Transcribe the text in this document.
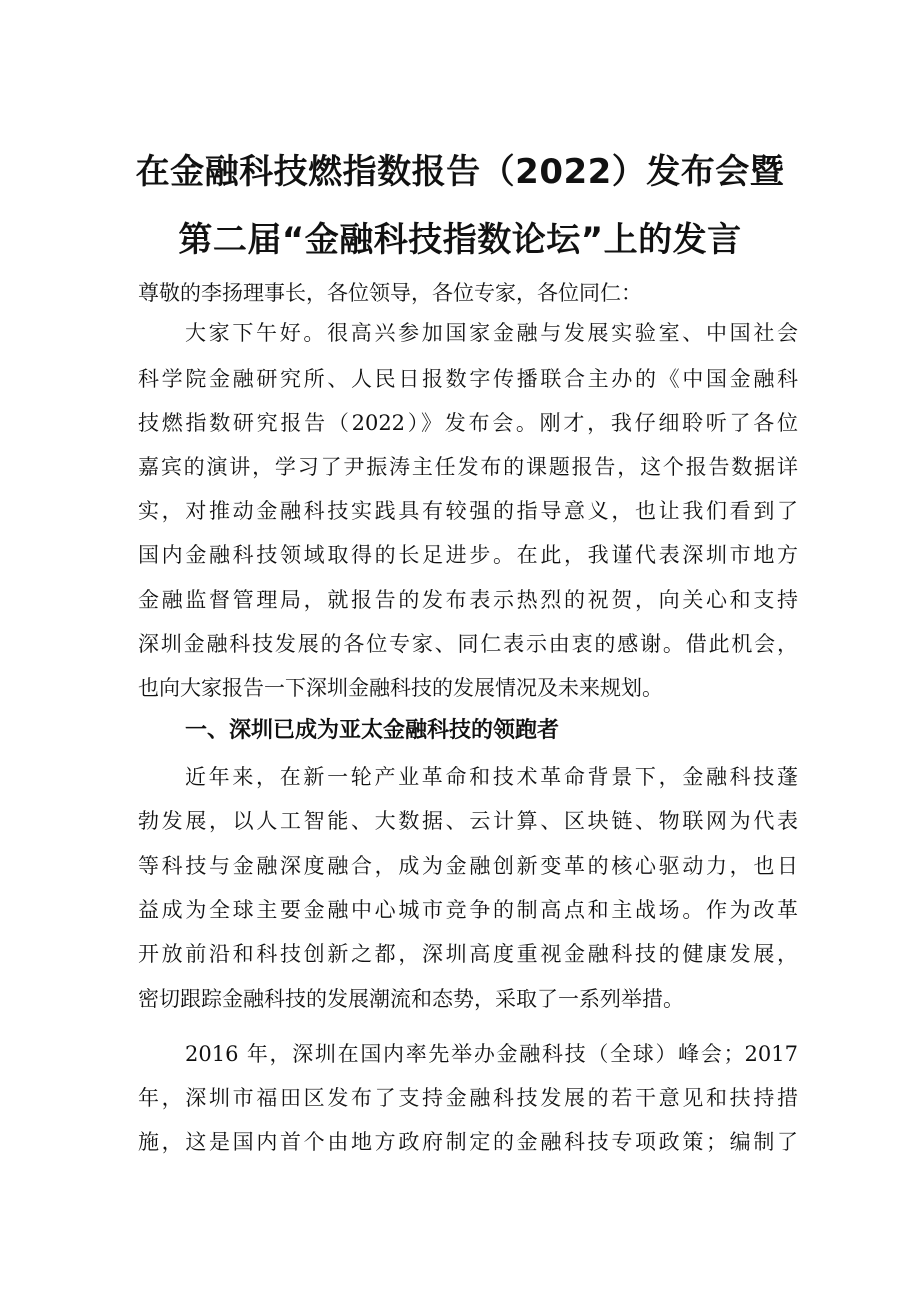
在金融科技燃指数报告（2022）发布会暨
第二届“金融科技指数论坛”上的发言
尊敬的李扬理事长，各位领导，各位专家，各位同仁：
大家下午好。很高兴参加国家金融与发展实验室、中国社会
科学院金融研究所、人民日报数字传播联合主办的《中国金融科
技燃指数研究报告（2022）》发布会。刚才，我仔细聆听了各位
嘉宾的演讲，学习了尹振涛主任发布的课题报告，这个报告数据详
实，对推动金融科技实践具有较强的指导意义，也让我们看到了
国内金融科技领域取得的长足进步。在此，我谨代表深圳市地方
金融监督管理局，就报告的发布表示热烈的祝贺，向关心和支持
深圳金融科技发展的各位专家、同仁表示由衷的感谢。借此机会，
也向大家报告一下深圳金融科技的发展情况及未来规划。
一、深圳已成为亚太金融科技的领跑者
近年来，在新一轮产业革命和技术革命背景下，金融科技蓬
勃发展，以人工智能、大数据、云计算、区块链、物联网为代表
等科技与金融深度融合，成为金融创新变革的核心驱动力，也日
益成为全球主要金融中心城市竞争的制高点和主战场。作为改革
开放前沿和科技创新之都，深圳高度重视金融科技的健康发展，
密切跟踪金融科技的发展潮流和态势，采取了一系列举措。
2016 年，深圳在国内率先举办金融科技（全球）峰会；2017
年，深圳市福田区发布了支持金融科技发展的若干意见和扶持措
施，这是国内首个由地方政府制定的金融科技专项政策；编制了
